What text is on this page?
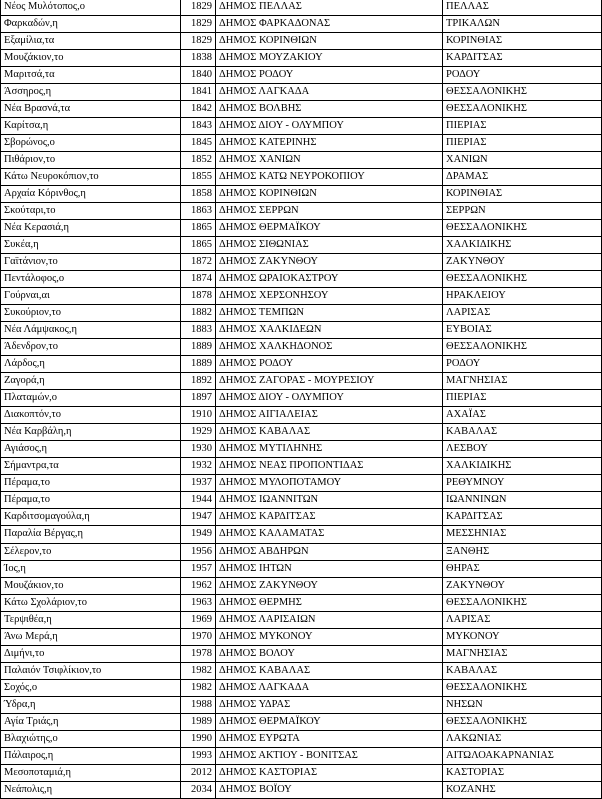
Νέος Μυλότοπος,ο	1829	ΔΗΜΟΣ ΠΕΛΛΑΣ	ΠΕΛΛΑΣ
Φαρκαδών,η	1829	ΔΗΜΟΣ ΦΑΡΚΑΔΟΝΑΣ	ΤΡΙΚΑΛΩΝ
Εξαμίλια,τα	1829	ΔΗΜΟΣ ΚΟΡΙΝΘΙΩΝ	ΚΟΡΙΝΘΙΑΣ
Μουζάκιον,το	1838	ΔΗΜΟΣ ΜΟΥΖΑΚΙΟΥ	ΚΑΡΔΙΤΣΑΣ
Μαριτσά,τα	1840	ΔΗΜΟΣ ΡΟΔΟΥ	ΡΟΔΟΥ
Άσσηρος,η	1841	ΔΗΜΟΣ ΛΑΓΚΑΔΑ	ΘΕΣΣΑΛΟΝΙΚΗΣ
Νέα Βρασνά,τα	1842	ΔΗΜΟΣ ΒΟΛΒΗΣ	ΘΕΣΣΑΛΟΝΙΚΗΣ
Καρίτσα,η	1843	ΔΗΜΟΣ ΔΙΟΥ - ΟΛΥΜΠΟΥ	ΠΙΕΡΙΑΣ
Σβορώνος,ο	1845	ΔΗΜΟΣ ΚΑΤΕΡΙΝΗΣ	ΠΙΕΡΙΑΣ
Πιθάριον,το	1852	ΔΗΜΟΣ ΧΑΝΙΩΝ	ΧΑΝΙΩΝ
Κάτω Νευροκόπιον,το	1855	ΔΗΜΟΣ ΚΑΤΩ ΝΕΥΡΟΚΟΠΙΟΥ	ΔΡΑΜΑΣ
Αρχαία Κόρινθος,η	1858	ΔΗΜΟΣ ΚΟΡΙΝΘΙΩΝ	ΚΟΡΙΝΘΙΑΣ
Σκούταρι,το	1863	ΔΗΜΟΣ ΣΕΡΡΩΝ	ΣΕΡΡΩΝ
Νέα Κερασιά,η	1865	ΔΗΜΟΣ ΘΕΡΜΑΪΚΟΥ	ΘΕΣΣΑΛΟΝΙΚΗΣ
Συκέα,η	1865	ΔΗΜΟΣ ΣΙΘΩΝΙΑΣ	ΧΑΛΚΙΔΙΚΗΣ
Γαϊτάνιον,το	1872	ΔΗΜΟΣ ΖΑΚΥΝΘΟΥ	ΖΑΚΥΝΘΟΥ
Πεντάλοφος,ο	1874	ΔΗΜΟΣ ΩΡΑΙΟΚΑΣΤΡΟΥ	ΘΕΣΣΑΛΟΝΙΚΗΣ
Γούρναι,αι	1878	ΔΗΜΟΣ ΧΕΡΣΟΝΗΣΟΥ	ΗΡΑΚΛΕΙΟΥ
Συκούριον,το	1882	ΔΗΜΟΣ ΤΕΜΠΩΝ	ΛΑΡΙΣΑΣ
Νέα Λάμψακος,η	1883	ΔΗΜΟΣ ΧΑΛΚΙΔΕΩΝ	ΕΥΒΟΙΑΣ
Άδενδρον,το	1889	ΔΗΜΟΣ ΧΑΛΚΗΔΟΝΟΣ	ΘΕΣΣΑΛΟΝΙΚΗΣ
Λάρδος,η	1889	ΔΗΜΟΣ ΡΟΔΟΥ	ΡΟΔΟΥ
Ζαγορά,η	1892	ΔΗΜΟΣ ΖΑΓΟΡΑΣ - ΜΟΥΡΕΣΙΟΥ	ΜΑΓΝΗΣΙΑΣ
Πλαταμών,ο	1897	ΔΗΜΟΣ ΔΙΟΥ - ΟΛΥΜΠΟΥ	ΠΙΕΡΙΑΣ
Διακοπτόν,το	1910	ΔΗΜΟΣ ΑΙΓΙΑΛΕΙΑΣ	ΑΧΑΪΑΣ
Νέα Καρβάλη,η	1929	ΔΗΜΟΣ ΚΑΒΑΛΑΣ	ΚΑΒΑΛΑΣ
Αγιάσος,η	1930	ΔΗΜΟΣ ΜΥΤΙΛΗΝΗΣ	ΛΕΣΒΟΥ
Σήμαντρα,τα	1932	ΔΗΜΟΣ ΝΕΑΣ ΠΡΟΠΟΝΤΙΔΑΣ	ΧΑΛΚΙΔΙΚΗΣ
Πέραμα,το	1937	ΔΗΜΟΣ ΜΥΛΟΠΟΤΑΜΟΥ	ΡΕΘΥΜΝΟΥ
Πέραμα,το	1944	ΔΗΜΟΣ ΙΩΑΝΝΙΤΩΝ	ΙΩΑΝΝΙΝΩΝ
Καρδιτσομαγούλα,η	1947	ΔΗΜΟΣ ΚΑΡΔΙΤΣΑΣ	ΚΑΡΔΙΤΣΑΣ
Παραλία Βέργας,η	1949	ΔΗΜΟΣ ΚΑΛΑΜΑΤΑΣ	ΜΕΣΣΗΝΙΑΣ
Σέλερον,το	1956	ΔΗΜΟΣ ΑΒΔΗΡΩΝ	ΞΑΝΘΗΣ
Ίος,η	1957	ΔΗΜΟΣ ΙΗΤΩΝ	ΘΗΡΑΣ
Μουζάκιον,το	1962	ΔΗΜΟΣ ΖΑΚΥΝΘΟΥ	ΖΑΚΥΝΘΟΥ
Κάτω Σχολάριον,το	1963	ΔΗΜΟΣ ΘΕΡΜΗΣ	ΘΕΣΣΑΛΟΝΙΚΗΣ
Τερψιθέα,η	1969	ΔΗΜΟΣ ΛΑΡΙΣΑΙΩΝ	ΛΑΡΙΣΑΣ
Άνω Μερά,η	1970	ΔΗΜΟΣ ΜΥΚΟΝΟΥ	ΜΥΚΟΝΟΥ
Διμήνι,το	1978	ΔΗΜΟΣ ΒΟΛΟΥ	ΜΑΓΝΗΣΙΑΣ
Παλαιόν Τσιφλίκιον,το	1982	ΔΗΜΟΣ ΚΑΒΑΛΑΣ	ΚΑΒΑΛΑΣ
Σοχός,ο	1982	ΔΗΜΟΣ ΛΑΓΚΑΔΑ	ΘΕΣΣΑΛΟΝΙΚΗΣ
Ύδρα,η	1988	ΔΗΜΟΣ ΥΔΡΑΣ	ΝΗΣΩΝ
Αγία Τριάς,η	1989	ΔΗΜΟΣ ΘΕΡΜΑΪΚΟΥ	ΘΕΣΣΑΛΟΝΙΚΗΣ
Βλαχιώτης,ο	1990	ΔΗΜΟΣ ΕΥΡΩΤΑ	ΛΑΚΩΝΙΑΣ
Πάλαιρος,η	1993	ΔΗΜΟΣ ΑΚΤΙΟΥ - ΒΟΝΙΤΣΑΣ	ΑΙΤΩΛΟΑΚΑΡΝΑΝΙΑΣ
Μεσοποταμιά,η	2012	ΔΗΜΟΣ ΚΑΣΤΟΡΙΑΣ	ΚΑΣΤΟΡΙΑΣ
Νεάπολις,η	2034	ΔΗΜΟΣ ΒΟΪΟΥ	ΚΟΖΑΝΗΣ
